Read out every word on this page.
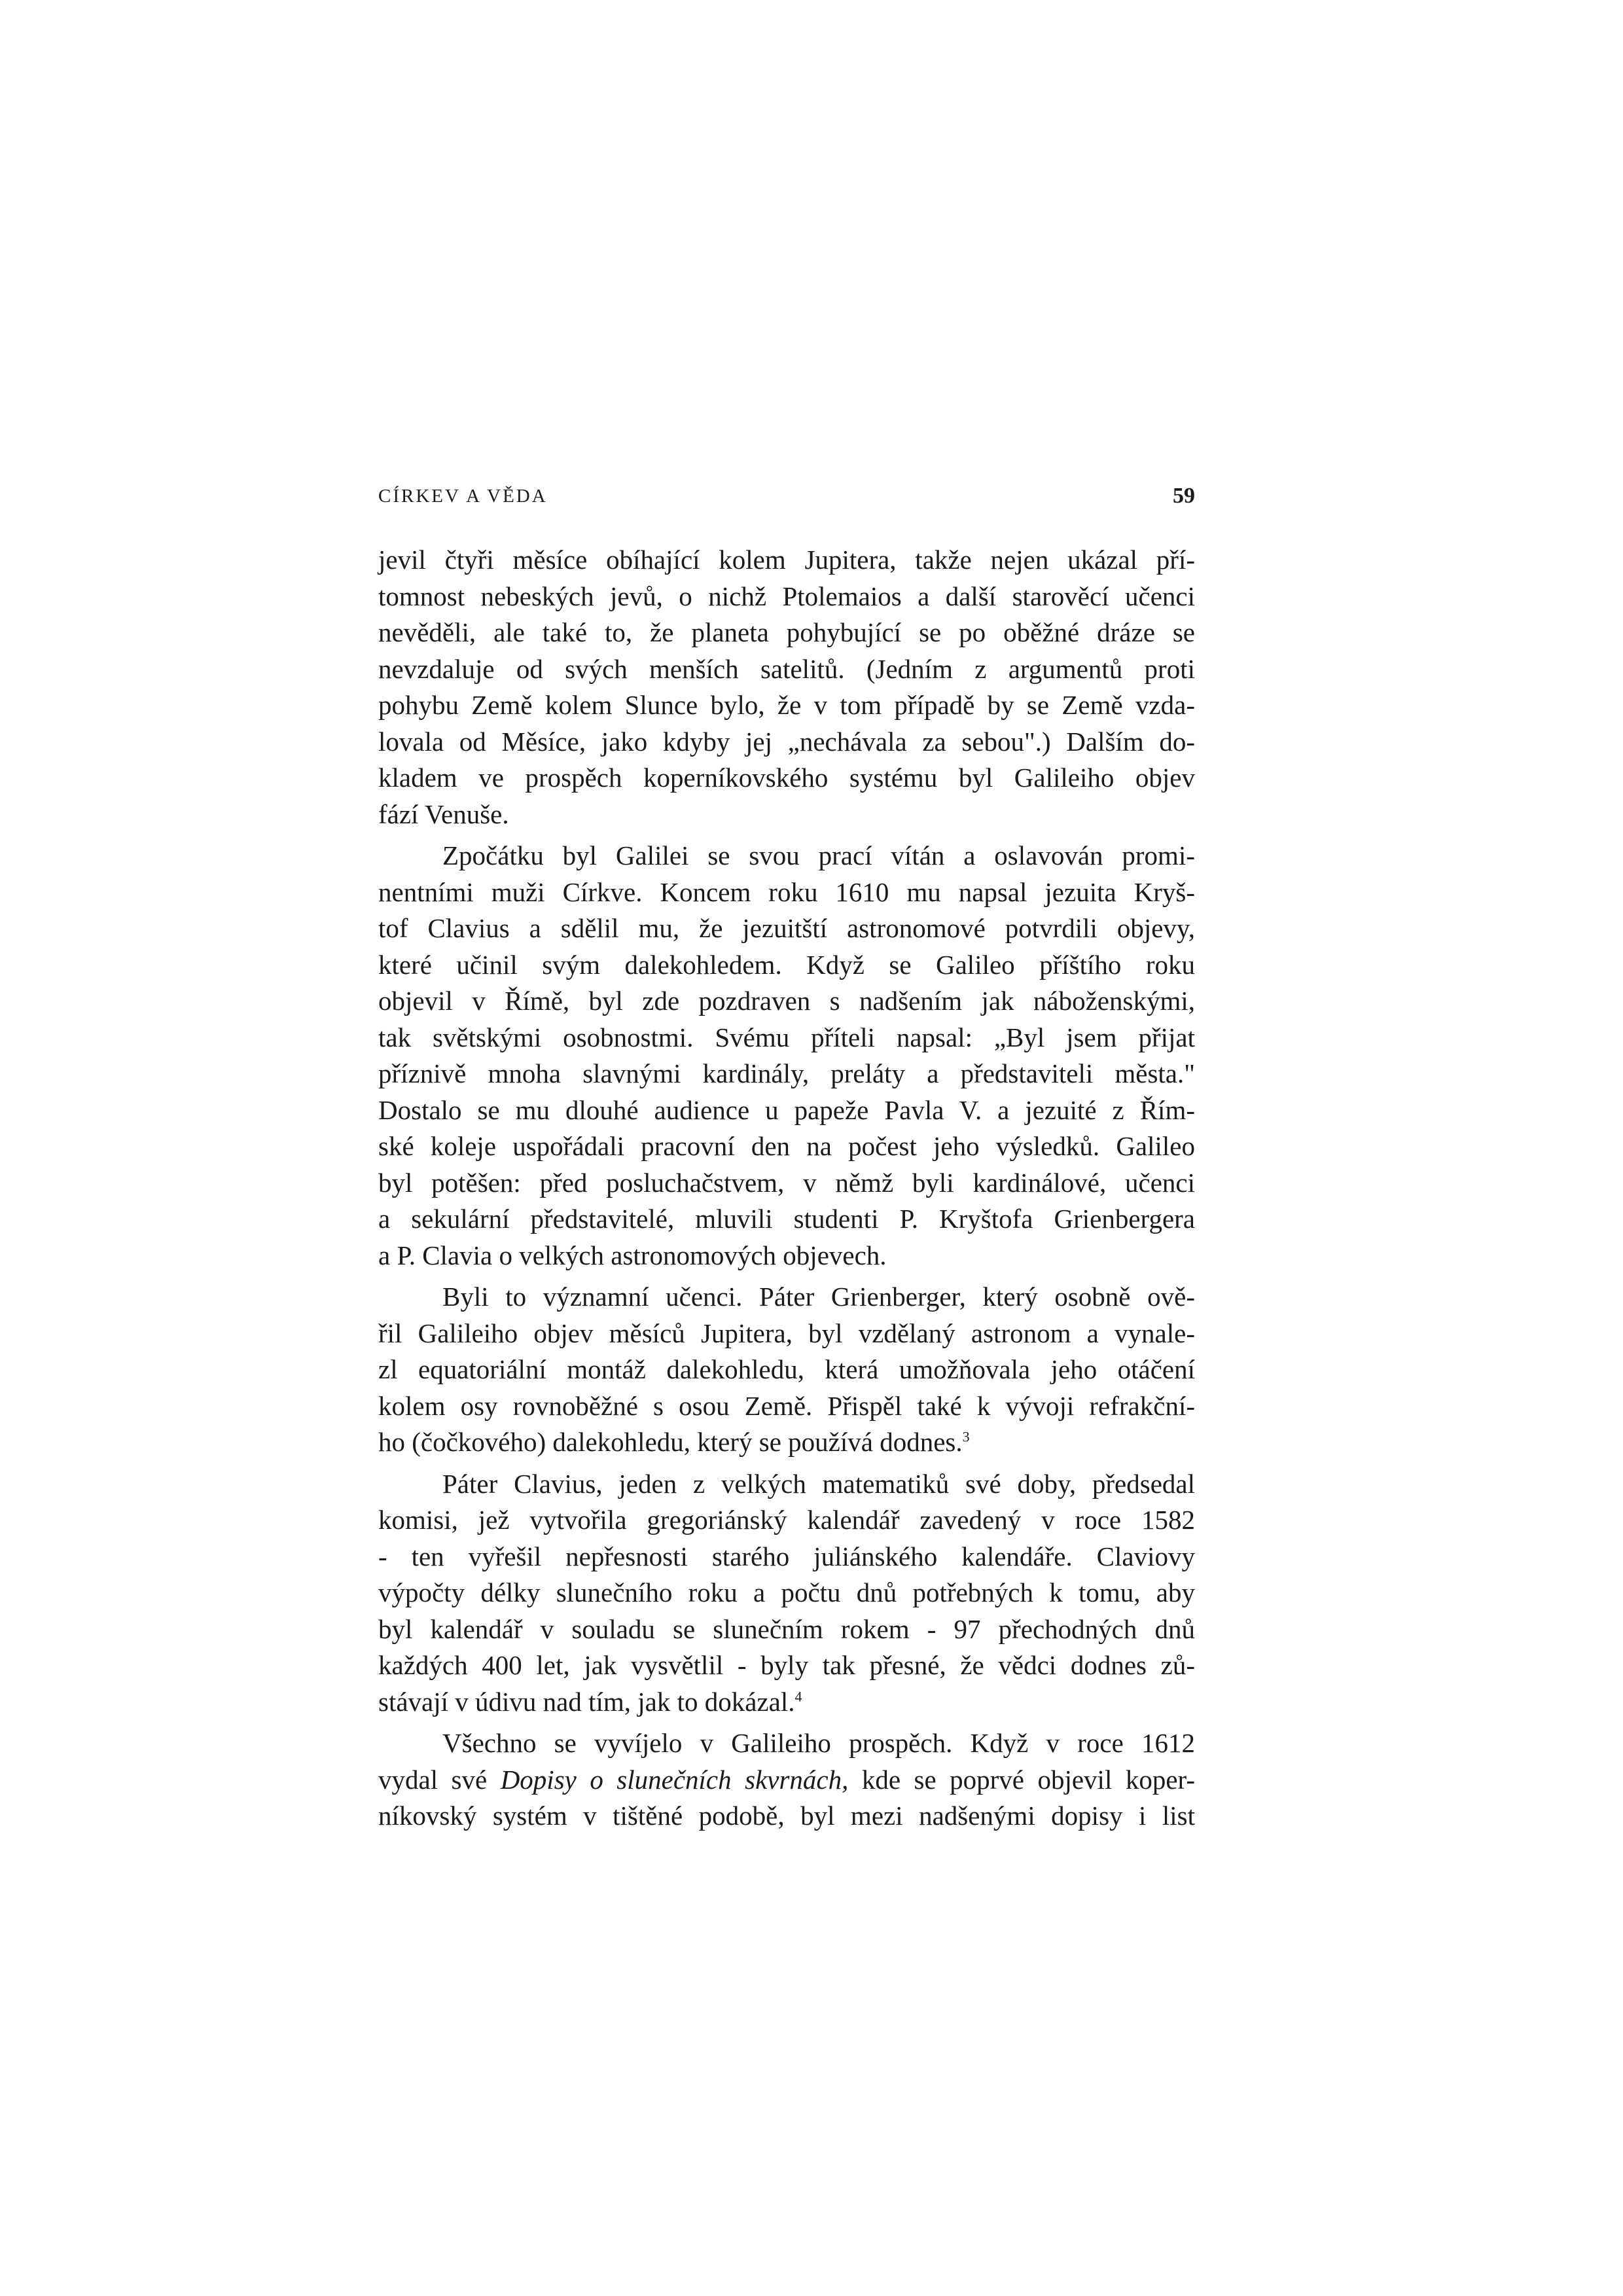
CÍRKEV A VĚDA	59
jevil čtyři měsíce obíhající kolem Jupitera, takže nejen ukázal pří-
tomnost nebeských jevů, o nichž Ptolemaios a další starověcí učenci
nevěděli, ale také to, že planeta pohybující se po oběžné dráze se
nevzdaluje od svých menších satelitů. (Jedním z argumentů proti
pohybu Země kolem Slunce bylo, že v tom případě by se Země vzda-
lovala od Měsíce, jako kdyby jej „nechávala za sebou".) Dalším do-
kladem ve prospěch koperníkovského systému byl Galileiho objev
fází Venuše.
Zpočátku byl Galilei se svou prací vítán a oslavován promi-
nentními muži Církve. Koncem roku 1610 mu napsal jezuita Kryš-
tof Clavius a sdělil mu, že jezuitští astronomové potvrdili objevy,
které učinil svým dalekohledem. Když se Galileo příštího roku
objevil v Římě, byl zde pozdraven s nadšením jak náboženskými,
tak světskými osobnostmi. Svému příteli napsal: „Byl jsem přijat
příznivě mnoha slavnými kardinály, preláty a představiteli města."
Dostalo se mu dlouhé audience u papeže Pavla V. a jezuité z Řím-
ské koleje uspořádali pracovní den na počest jeho výsledků. Galileo
byl potěšen: před posluchačstvem, v němž byli kardinálové, učenci
a sekulární představitelé, mluvili studenti P. Kryštofa Grienbergera
a P. Clavia o velkých astronomových objevech.
Byli to významní učenci. Páter Grienberger, který osobně ově-
řil Galileiho objev měsíců Jupitera, byl vzdělaný astronom a vynale-
zl equatoriální montáž dalekohledu, která umožňovala jeho otáčení
kolem osy rovnoběžné s osou Země. Přispěl také k vývoji refrakční-
ho (čočkového) dalekohledu, který se používá dodnes.$^3$
Páter Clavius, jeden z velkých matematiků své doby, předsedal
komisi, jež vytvořila gregoriánský kalendář zavedený v roce 1582
- ten vyřešil nepřesnosti starého juliánského kalendáře. Claviovy
výpočty délky slunečního roku a počtu dnů potřebných k tomu, aby
byl kalendář v souladu se slunečním rokem - 97 přechodných dnů
každých 400 let, jak vysvětlil - byly tak přesné, že vědci dodnes zů-
stávají v údivu nad tím, jak to dokázal.$^4$
Všechno se vyvíjelo v Galileiho prospěch. Když v roce 1612
vydal své Dopisy o slunečních skvrnách, kde se poprvé objevil koper-
níkovský systém v tištěné podobě, byl mezi nadšenými dopisy i list
